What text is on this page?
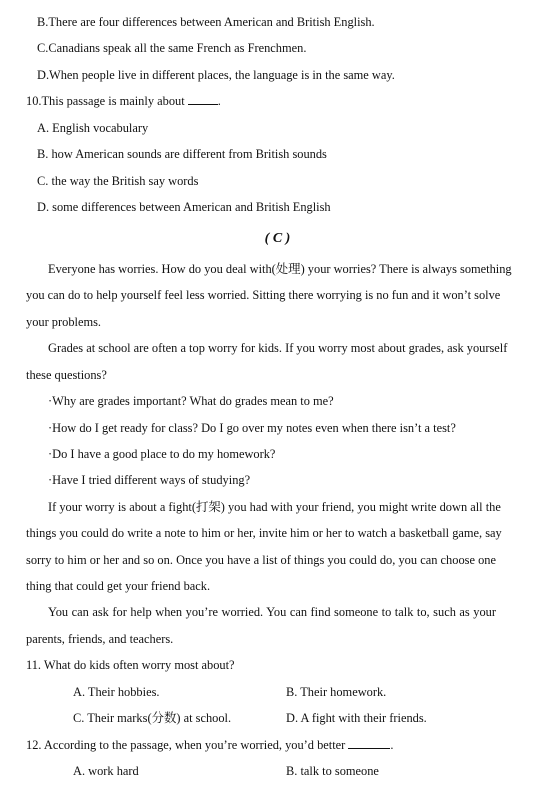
B.There are four differences between American and British English.
C.Canadians speak all the same French as Frenchmen.
D.When people live in different places, the language is in the same way.
10.This passage is mainly about .
A. English vocabulary
B. how American sounds are different from British sounds
C. the way the British say words
D. some differences between American and British English
( C )
Everyone has worries. How do you deal with(处理) your worries? There is always something
you can do to help yourself feel less worried. Sitting there worrying is no fun and it won’t solve
your problems.
Grades at school are often a top worry for kids. If you worry most about grades, ask yourself
these questions?
·Why are grades important? What do grades mean to me?
·How do I get ready for class? Do I go over my notes even when there isn’t a test?
·Do I have a good place to do my homework?
·Have I tried different ways of studying?
If your worry is about a fight(打架) you had with your friend, you might write down all the
things you could do write a note to him or her, invite him or her to watch a basketball game, say
sorry to him or her and so on. Once you have a list of things you could do, you can choose one
thing that could get your friend back.
You can ask for help when you’re worried. You can find someone to talk to, such as your
parents, friends, and teachers.
11. What do kids often worry most about?
A. Their hobbies.	B. Their homework.
C. Their marks(分数) at school.	D. A fight with their friends.
12. According to the passage, when you’re worried, you’d better	.
A. work hard	B. talk to someone
